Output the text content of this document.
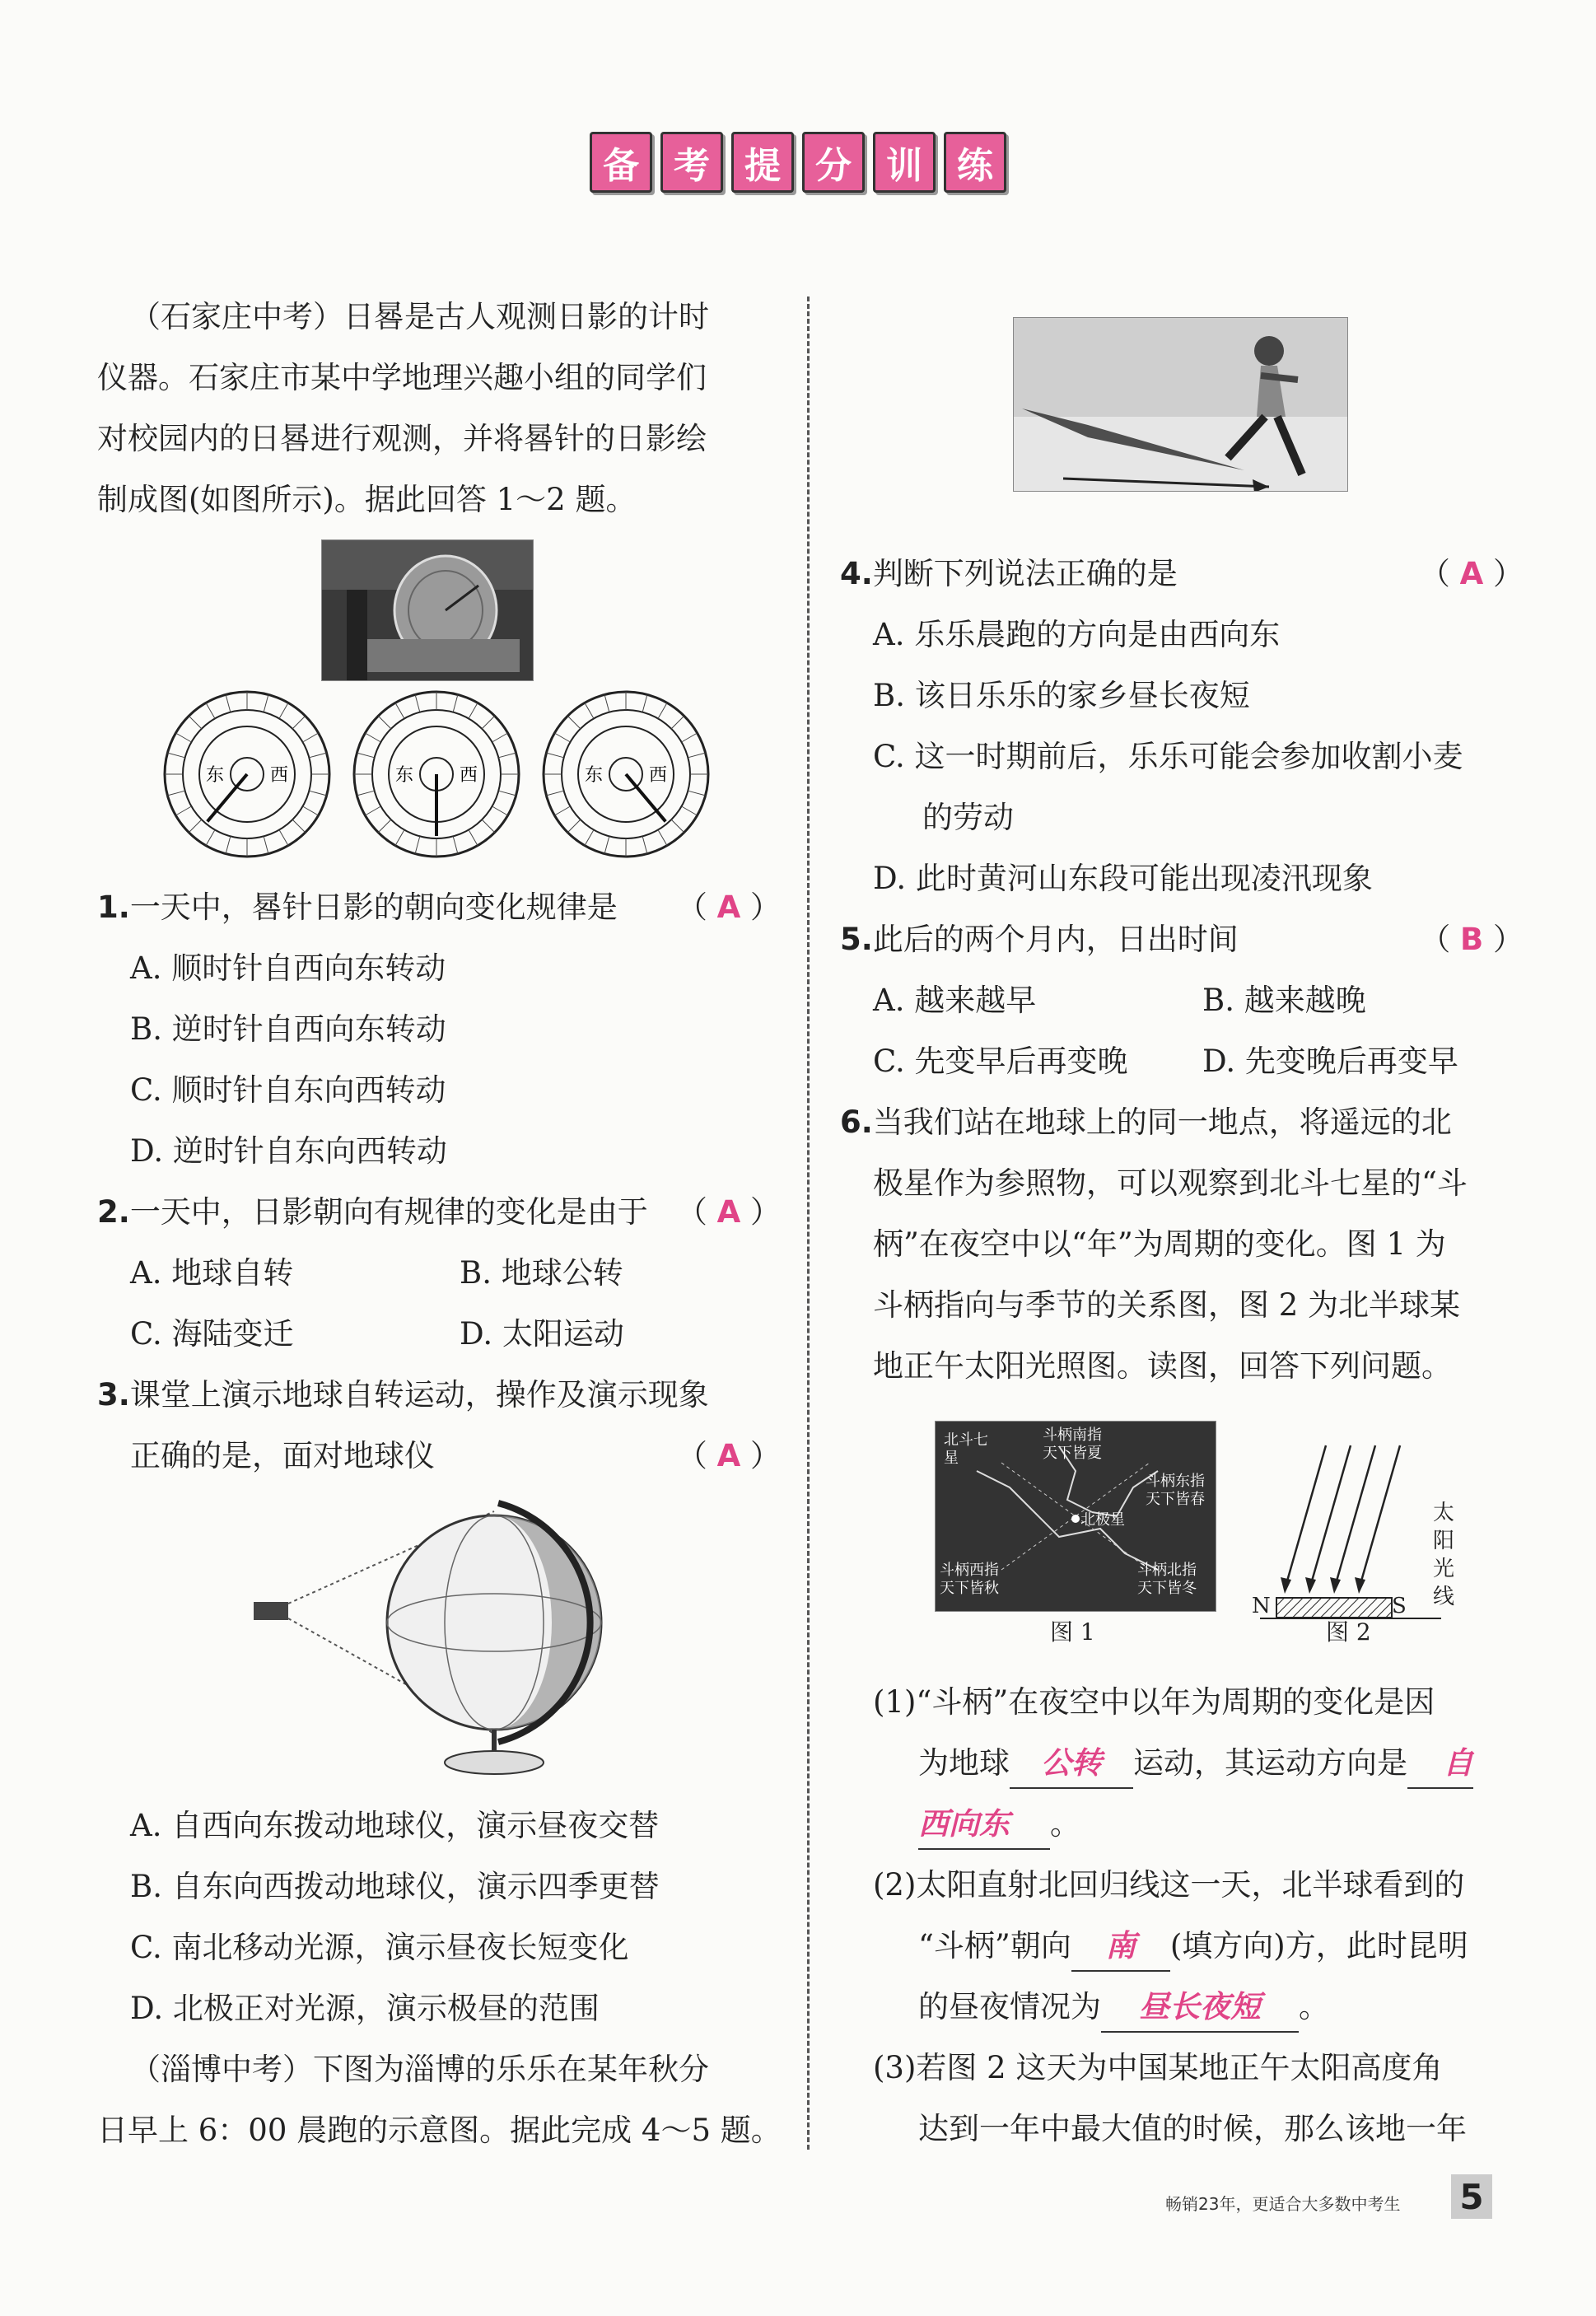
备 考 提 分 训 练
（石家庄中考）日晷是古人观测日影的计时
仪器。石家庄市某中学地理兴趣小组的同学们
对校园内的日晷进行观测，并将晷针的日影绘
制成图(如图所示)。据此回答 1～2 题。
东	西	东	西	东	西
1.一天中，晷针日影的朝向变化规律是 （ A ）
A. 顺时针自西向东转动
B. 逆时针自西向东转动
C. 顺时针自东向西转动
D. 逆时针自东向西转动
2.一天中，日影朝向有规律的变化是由于 （ A ）
A. 地球自转	B. 地球公转
C. 海陆变迁	D. 太阳运动
3.课堂上演示地球自转运动，操作及演示现象
正确的是，面对地球仪	（ A ）
A. 自西向东拨动地球仪，演示昼夜交替
B. 自东向西拨动地球仪，演示四季更替
C. 南北移动光源，演示昼夜长短变化
D. 北极正对光源，演示极昼的范围
（淄博中考）下图为淄博的乐乐在某年秋分
日早上 6：00 晨跑的示意图。据此完成 4～5 题。
4.判断下列说法正确的是	（ A ）
A. 乐乐晨跑的方向是由西向东
B. 该日乐乐的家乡昼长夜短
C. 这一时期前后，乐乐可能会参加收割小麦
的劳动
D. 此时黄河山东段可能出现凌汛现象
5.此后的两个月内，日出时间	（ B ）
A. 越来越早	B. 越来越晚
C. 先变早后再变晚	D. 先变晚后再变早
6.当我们站在地球上的同一地点，将遥远的北
极星作为参照物，可以观察到北斗七星的“斗
柄”在夜空中以“年”为周期的变化。图 1 为
斗柄指向与季节的关系图，图 2 为北半球某
地正午太阳光照图。读图，回答下列问题。
北斗七星
斗柄南指天下皆夏
斗柄东指天下皆春
北极星
斗柄西指天下皆秋
斗柄北指天下皆冬
图 1
N	S
太
阳
光
线
图 2
(1)“斗柄”在夜空中以年为周期的变化是因
为地球 公转 运动，其运动方向是 自
西向东 。
(2)太阳直射北回归线这一天，北半球看到的
“斗柄”朝向 南 (填方向)方，此时昆明
的昼夜情况为 昼长夜短 。
(3)若图 2 这天为中国某地正午太阳高度角
达到一年中最大值的时候，那么该地一年
畅销23年，更适合大多数中考生 5
